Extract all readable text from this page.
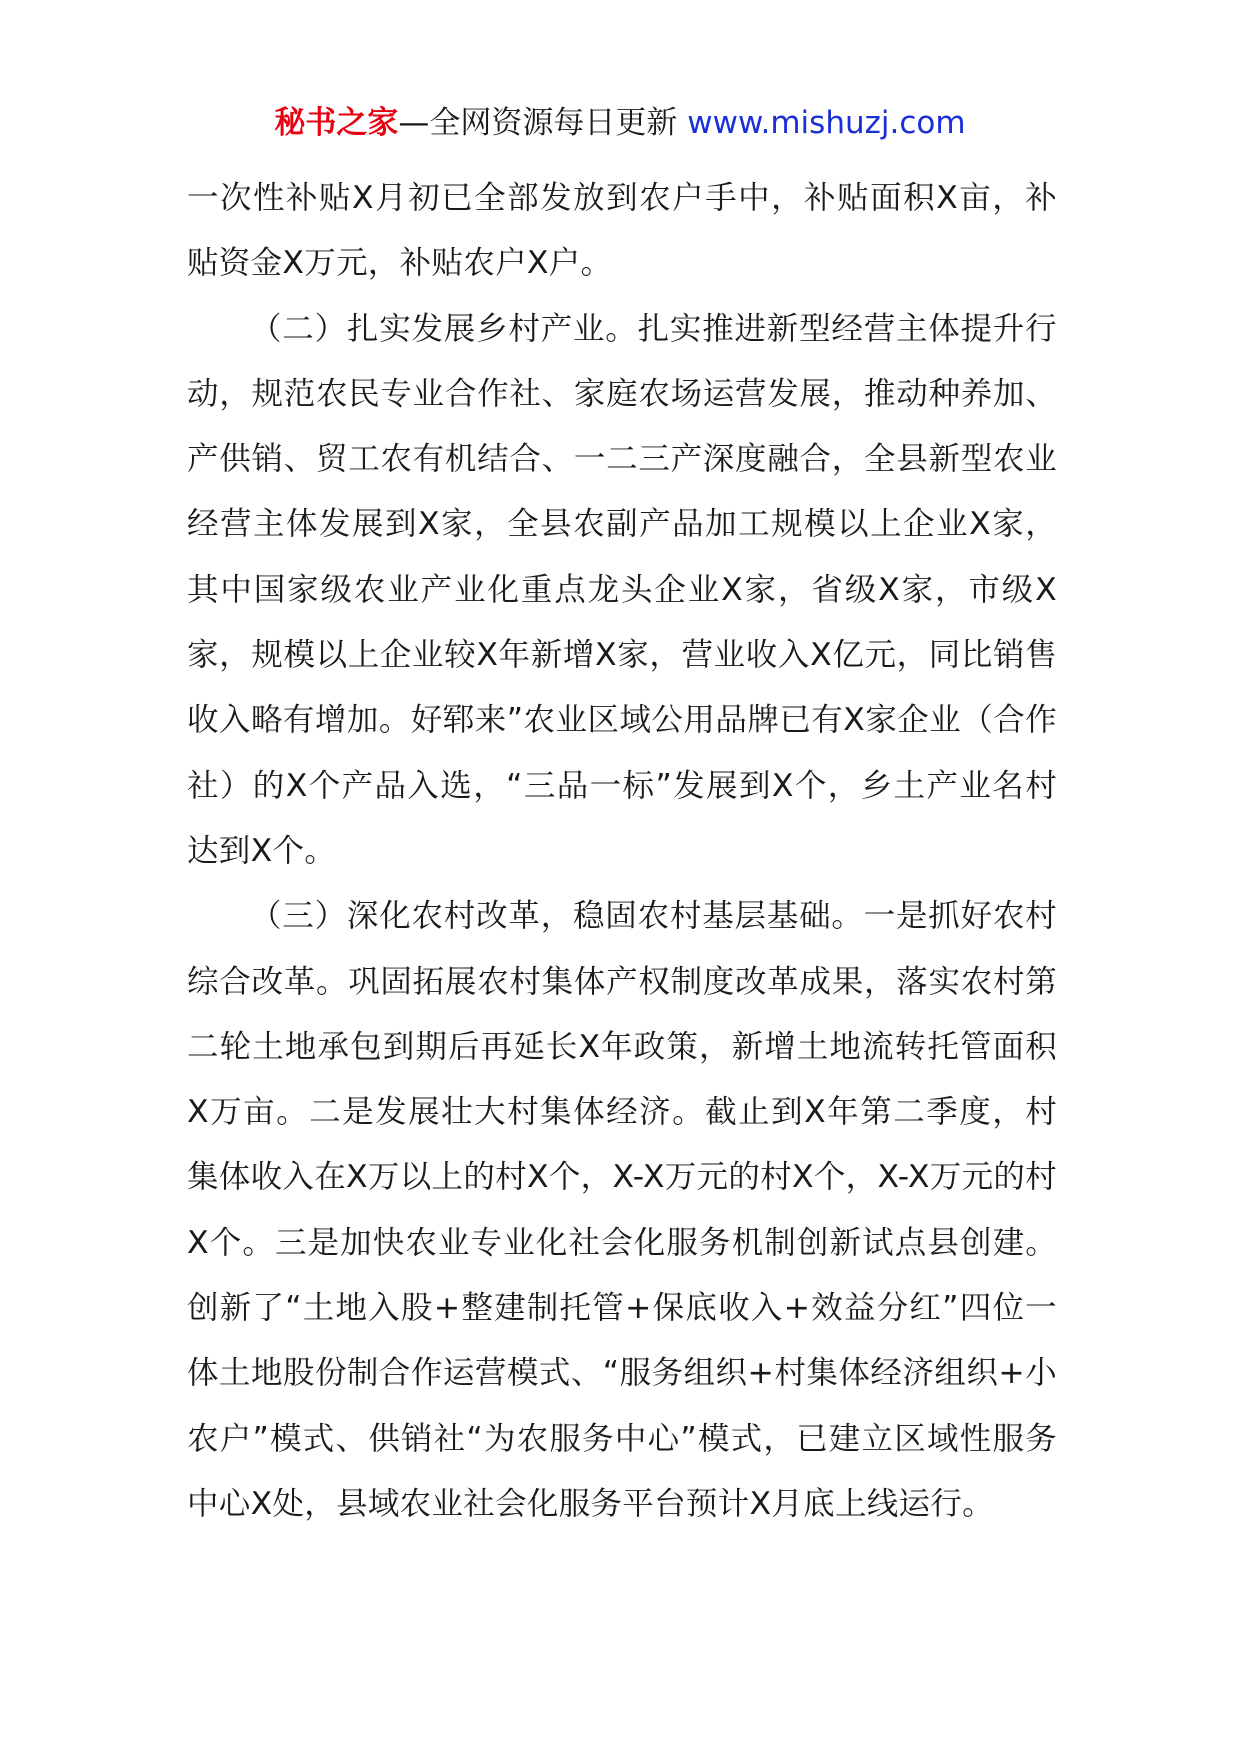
秘书之家—全网资源每日更新 www.mishuzj.com

一次性补贴X月初已全部发放到农户手中，补贴面积X亩，补贴资金X万元，补贴农户X户。

（二）扎实发展乡村产业。扎实推进新型经营主体提升行动，规范农民专业合作社、家庭农场运营发展，推动种养加、产供销、贸工农有机结合、一二三产深度融合，全县新型农业经营主体发展到X家，全县农副产品加工规模以上企业X家，其中国家级农业产业化重点龙头企业X家，省级X家，市级X家，规模以上企业较X年新增X家，营业收入X亿元，同比销售收入略有增加。好郓来”农业区域公用品牌已有X家企业（合作社）的X个产品入选，“三品一标”发展到X个，乡土产业名村达到X个。

（三）深化农村改革，稳固农村基层基础。一是抓好农村综合改革。巩固拓展农村集体产权制度改革成果，落实农村第二轮土地承包到期后再延长X年政策，新增土地流转托管面积X万亩。二是发展壮大村集体经济。截止到X年第二季度，村集体收入在X万以上的村X个，X-X万元的村X个，X-X万元的村X个。三是加快农业专业化社会化服务机制创新试点县创建。创新了“土地入股+整建制托管+保底收入+效益分红”四位一体土地股份制合作运营模式、“服务组织+村集体经济组织+小农户”模式、供销社“为农服务中心”模式，已建立区域性服务中心X处，县域农业社会化服务平台预计X月底上线运行。
